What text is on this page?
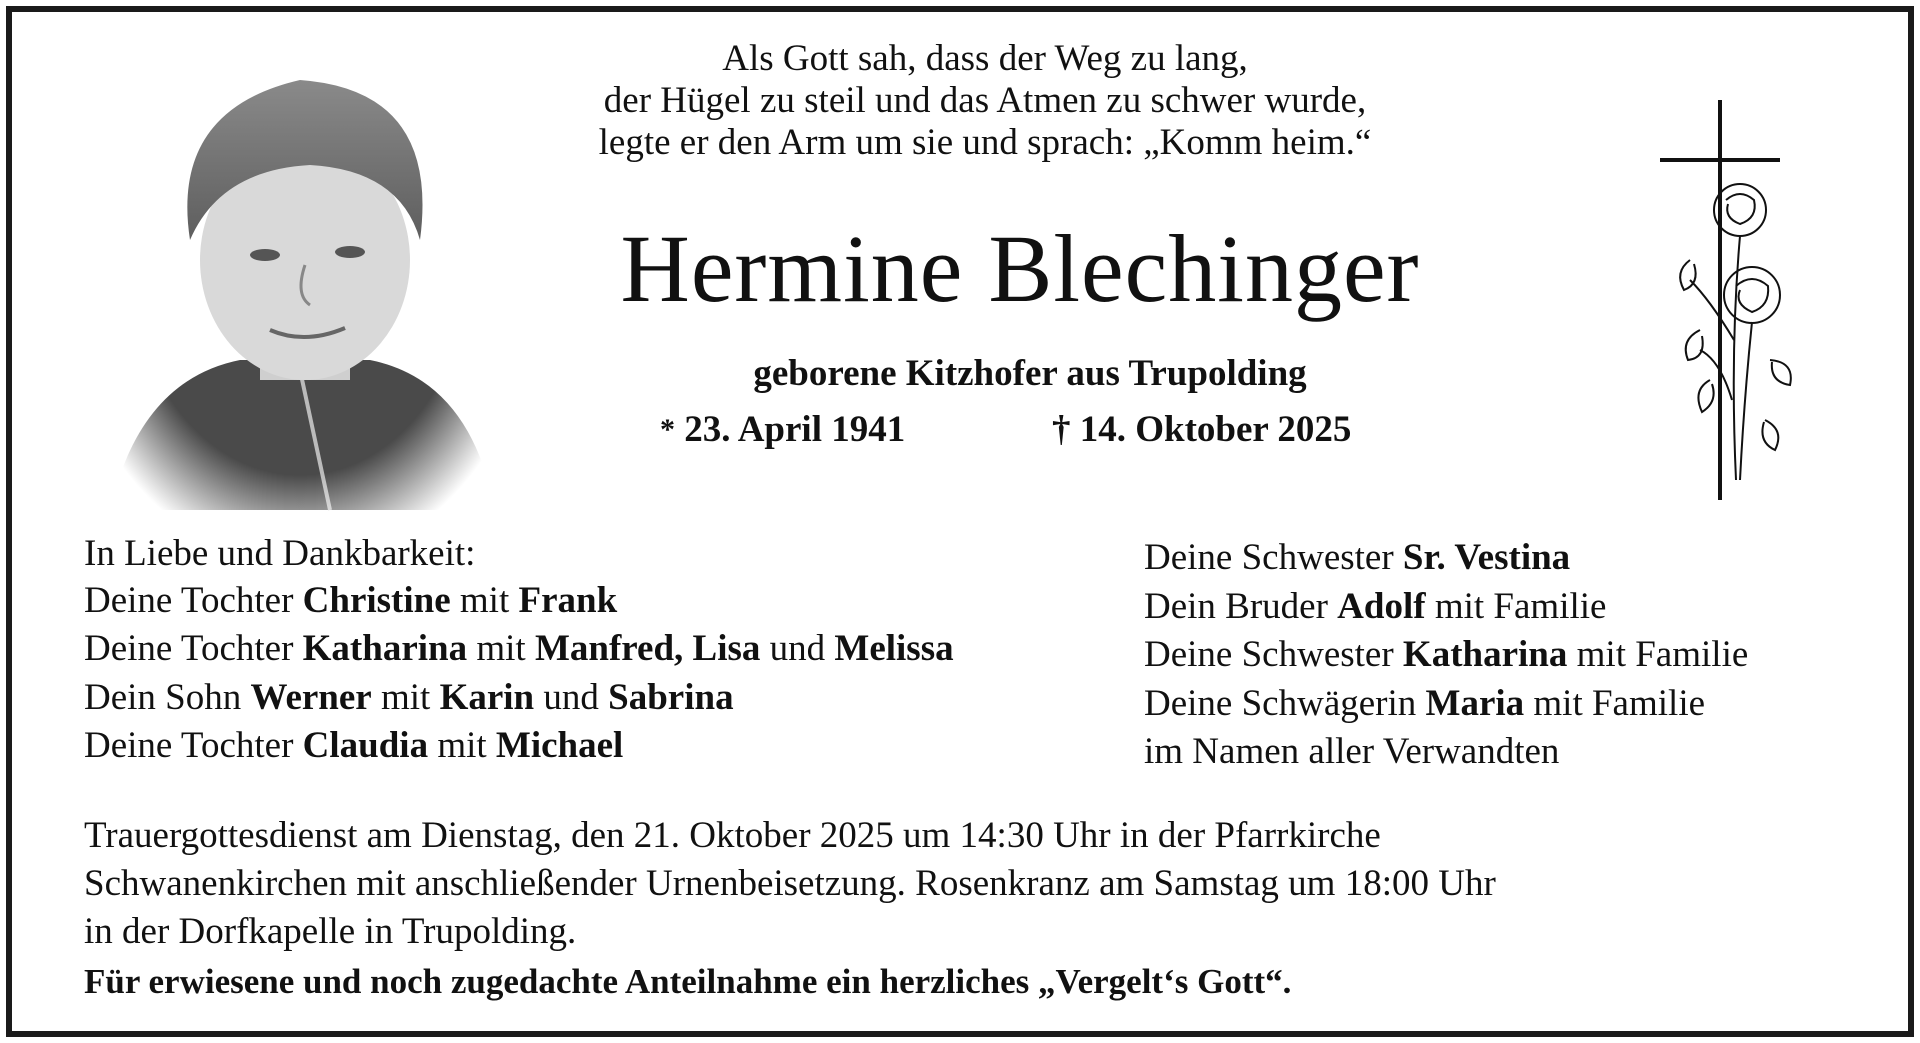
Als Gott sah, dass der Weg zu lang,
der Hügel zu steil und das Atmen zu schwer wurde,
legte er den Arm um sie und sprach: „Komm heim.“
Hermine Blechinger
geborene Kitzhofer aus Trupolding
* 23. April 1941	† 14. Oktober 2025
In Liebe und Dankbarkeit:
Deine Tochter Christine mit Frank
Deine Tochter Katharina mit Manfred, Lisa und Melissa
Dein Sohn Werner mit Karin und Sabrina
Deine Tochter Claudia mit Michael
Deine Schwester Sr. Vestina
Dein Bruder Adolf mit Familie
Deine Schwester Katharina mit Familie
Deine Schwägerin Maria mit Familie
im Namen aller Verwandten
Trauergottesdienst am Dienstag, den 21. Oktober 2025 um 14:30 Uhr in der Pfarrkirche
Schwanenkirchen mit anschließender Urnenbeisetzung. Rosenkranz am Samstag um 18:00 Uhr
in der Dorfkapelle in Trupolding.
Für erwiesene und noch zugedachte Anteilnahme ein herzliches „Vergelt‘s Gott“.
